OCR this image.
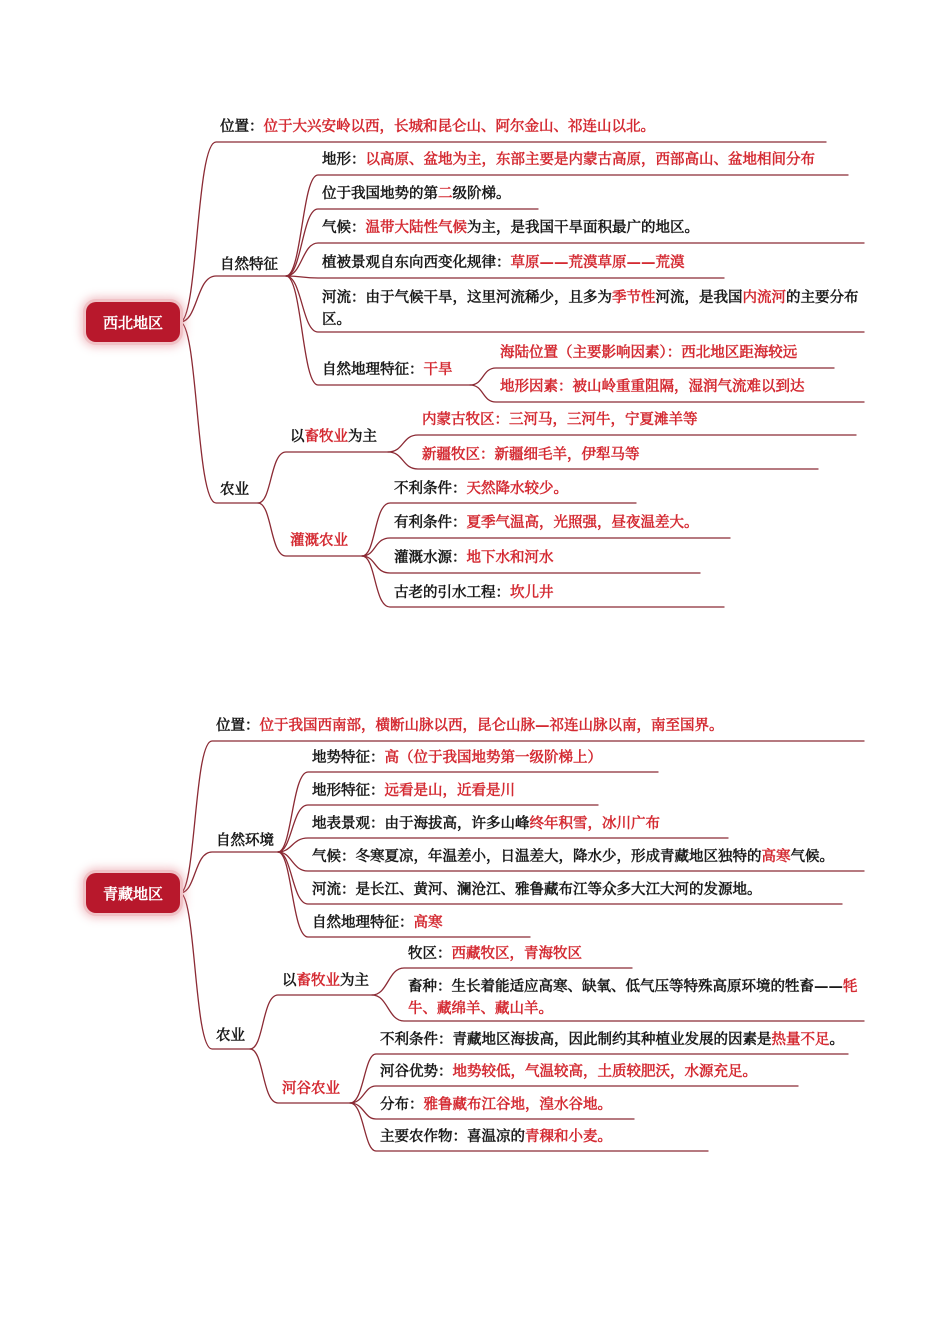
西北地区
位置：位于大兴安岭以西，长城和昆仑山、阿尔金山、祁连山以北。
自然特征
地形：以高原、盆地为主，东部主要是内蒙古高原，西部高山、盆地相间分布
位于我国地势的第二级阶梯。
气候：温带大陆性气候为主，是我国干旱面积最广的地区。
植被景观自东向西变化规律：草原——荒漠草原——荒漠
河流：由于气候干旱，这里河流稀少，且多为季节性河流，是我国内流河的主要分布区。
自然地理特征：干旱
海陆位置（主要影响因素）：西北地区距海较远
地形因素：被山岭重重阻隔，湿润气流难以到达
农业
以畜牧业为主
内蒙古牧区：三河马，三河牛，宁夏滩羊等
新疆牧区：新疆细毛羊，伊犁马等
灌溉农业
不利条件：天然降水较少。
有利条件：夏季气温高，光照强，昼夜温差大。
灌溉水源：地下水和河水
古老的引水工程：坎儿井
青藏地区
位置：位于我国西南部，横断山脉以西，昆仑山脉—祁连山脉以南，南至国界。
自然环境
地势特征：高（位于我国地势第一级阶梯上）
地形特征：远看是山，近看是川
地表景观：由于海拔高，许多山峰终年积雪，冰川广布
气候：冬寒夏凉，年温差小，日温差大，降水少，形成青藏地区独特的高寒气候。
河流：是长江、黄河、澜沧江、雅鲁藏布江等众多大江大河的发源地。
自然地理特征：高寒
农业
以畜牧业为主
牧区：西藏牧区，青海牧区
畜种：生长着能适应高寒、缺氧、低气压等特殊高原环境的牲畜——牦牛、藏绵羊、藏山羊。
河谷农业
不利条件：青藏地区海拔高，因此制约其种植业发展的因素是热量不足。
河谷优势：地势较低，气温较高，土质较肥沃，水源充足。
分布：雅鲁藏布江谷地，湟水谷地。
主要农作物：喜温凉的青稞和小麦。
